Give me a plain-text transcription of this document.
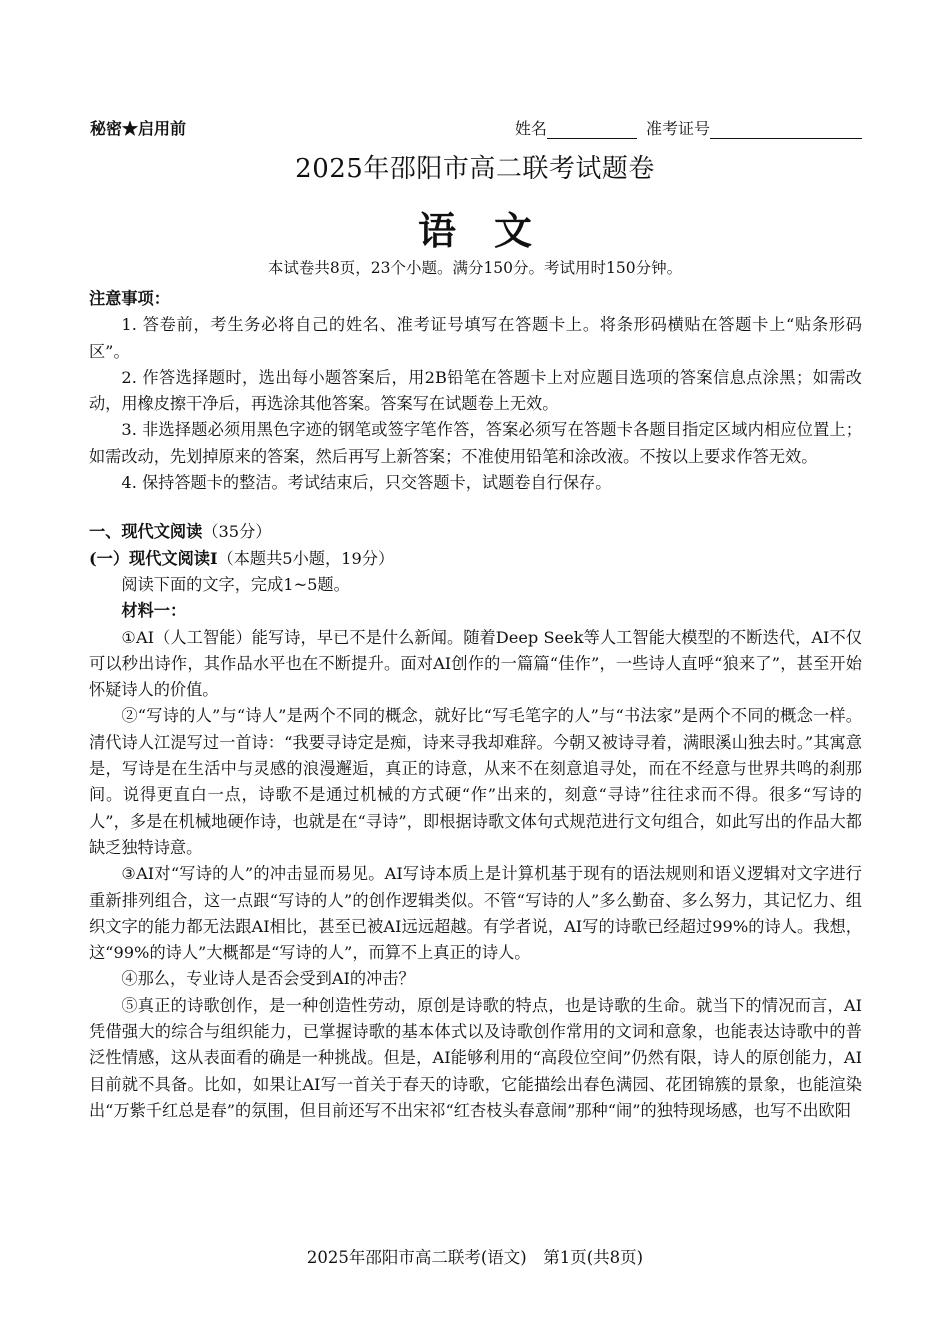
秘密★启用前	姓名	准考证号
2025年邵阳市高二联考试题卷
语文
本试卷共8页，23个小题。满分150分。考试用时150分钟。

注意事项：

1. 答卷前，考生务必将自己的姓名、准考证号填写在答题卡上。将条形码横贴在答题卡上“贴条形码区”。

2. 作答选择题时，选出每小题答案后，用2B铅笔在答题卡上对应题目选项的答案信息点涂黑；如需改动，用橡皮擦干净后，再选涂其他答案。答案写在试题卷上无效。

3. 非选择题必须用黑色字迹的钢笔或签字笔作答，答案必须写在答题卡各题目指定区域内相应位置上；如需改动，先划掉原来的答案，然后再写上新答案；不准使用铅笔和涂改液。不按以上要求作答无效。

4. 保持答题卡的整洁。考试结束后，只交答题卡，试题卷自行保存。

一、现代文阅读（35分）

(一）现代文阅读Ⅰ（本题共5小题，19分）

阅读下面的文字，完成1~5题。

材料一：

①AI（人工智能）能写诗，早已不是什么新闻。随着Deep Seek等人工智能大模型的不断迭代，AI不仅可以秒出诗作，其作品水平也在不断提升。面对AI创作的一篇篇“佳作”，一些诗人直呼“狼来了”，甚至开始怀疑诗人的价值。

②“写诗的人”与“诗人”是两个不同的概念，就好比“写毛笔字的人”与“书法家”是两个不同的概念一样。清代诗人江湜写过一首诗：“我要寻诗定是痴，诗来寻我却难辞。今朝又被诗寻着，满眼溪山独去时。”其寓意是，写诗是在生活中与灵感的浪漫邂逅，真正的诗意，从来不在刻意追寻处，而在不经意与世界共鸣的刹那间。说得更直白一点，诗歌不是通过机械的方式硬“作”出来的，刻意“寻诗”往往求而不得。很多“写诗的人”，多是在机械地硬作诗，也就是在“寻诗”，即根据诗歌文体句式规范进行文句组合，如此写出的作品大都缺乏独特诗意。

③AI对“写诗的人”的冲击显而易见。AI写诗本质上是计算机基于现有的语法规则和语义逻辑对文字进行重新排列组合，这一点跟“写诗的人”的创作逻辑类似。不管“写诗的人”多么勤奋、多么努力，其记忆力、组织文字的能力都无法跟AI相比，甚至已被AI远远超越。有学者说，AI写的诗歌已经超过99%的诗人。我想，这“99%的诗人”大概都是“写诗的人”，而算不上真正的诗人。

④那么，专业诗人是否会受到AI的冲击？

⑤真正的诗歌创作，是一种创造性劳动，原创是诗歌的特点，也是诗歌的生命。就当下的情况而言，AI凭借强大的综合与组织能力，已掌握诗歌的基本体式以及诗歌创作常用的文词和意象，也能表达诗歌中的普泛性情感，这从表面看的确是一种挑战。但是，AI能够利用的“高段位空间”仍然有限，诗人的原创能力，AI目前就不具备。比如，如果让AI写一首关于春天的诗歌，它能描绘出春色满园、花团锦簇的景象，也能渲染出“万紫千红总是春”的氛围，但目前还写不出宋祁“红杏枝头春意闹”那种“闹”的独特现场感，也写不出欧阳

2025年邵阳市高二联考(语文)　第1页(共8页)
